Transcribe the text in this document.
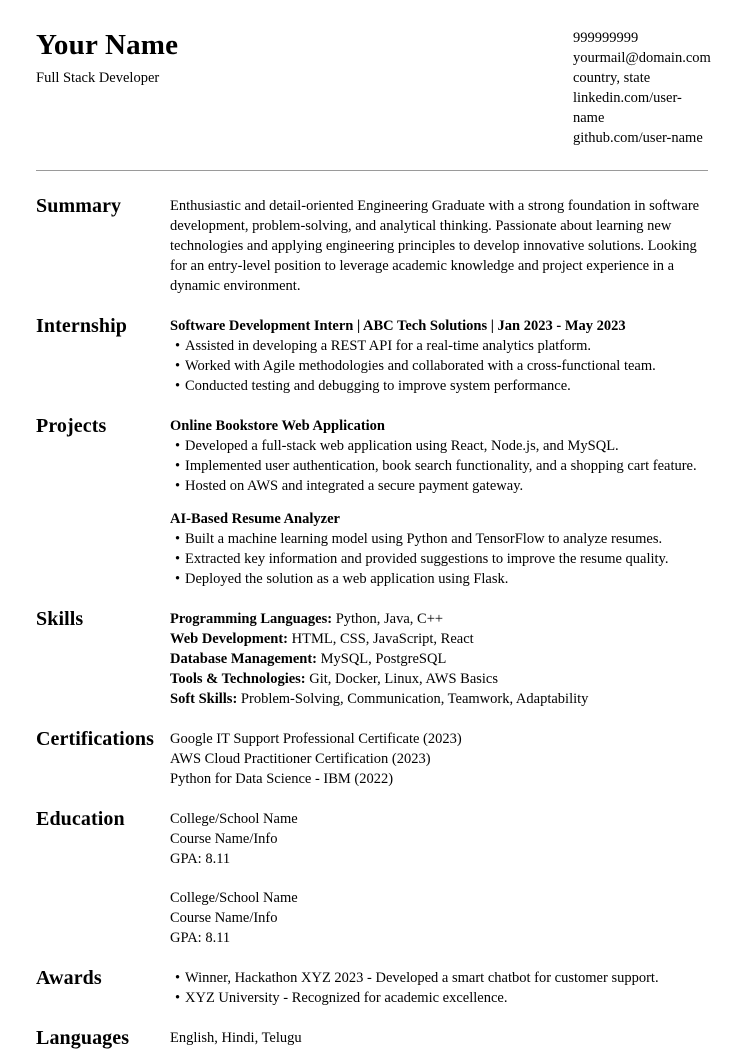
Your Name
Full Stack Developer
999999999
yourmail@domain.com
country, state
linkedin.com/user-name
github.com/user-name
Summary	Enthusiastic and detail-oriented Engineering Graduate with a strong foundation in software development, problem-solving, and analytical thinking. Passionate about learning new technologies and applying engineering principles to develop innovative solutions. Looking for an entry-level position to leverage academic knowledge and project experience in a dynamic environment.
Internship	Software Development Intern | ABC Tech Solutions | Jan 2023 - May 2023
•
Assisted in developing a REST API for a real-time analytics platform.
•
Worked with Agile methodologies and collaborated with a cross-functional team.
•
Conducted testing and debugging to improve system performance.
Projects	Online Bookstore Web Application
•
Developed a full-stack web application using React, Node.js, and MySQL.
•
Implemented user authentication, book search functionality, and a shopping cart feature.
•
Hosted on AWS and integrated a secure payment gateway.
AI-Based Resume Analyzer
•
Built a machine learning model using Python and TensorFlow to analyze resumes.
•
Extracted key information and provided suggestions to improve the resume quality.
•
Deployed the solution as a web application using Flask.
Skills	Programming Languages: Python, Java, C++
Web Development: HTML, CSS, JavaScript, React
Database Management: MySQL, PostgreSQL
Tools & Technologies: Git, Docker, Linux, AWS Basics
Soft Skills: Problem-Solving, Communication, Teamwork, Adaptability
Certifications	Google IT Support Professional Certificate (2023)
AWS Cloud Practitioner Certification (2023)
Python for Data Science - IBM (2022)
Education	College/School Name
Course Name/Info
GPA: 8.11
College/School Name
Course Name/Info
GPA: 8.11
Awards •	Winner, Hackathon XYZ 2023 - Developed a smart chatbot for customer support.
•
XYZ University - Recognized for academic excellence.
Languages	English, Hindi, Telugu
